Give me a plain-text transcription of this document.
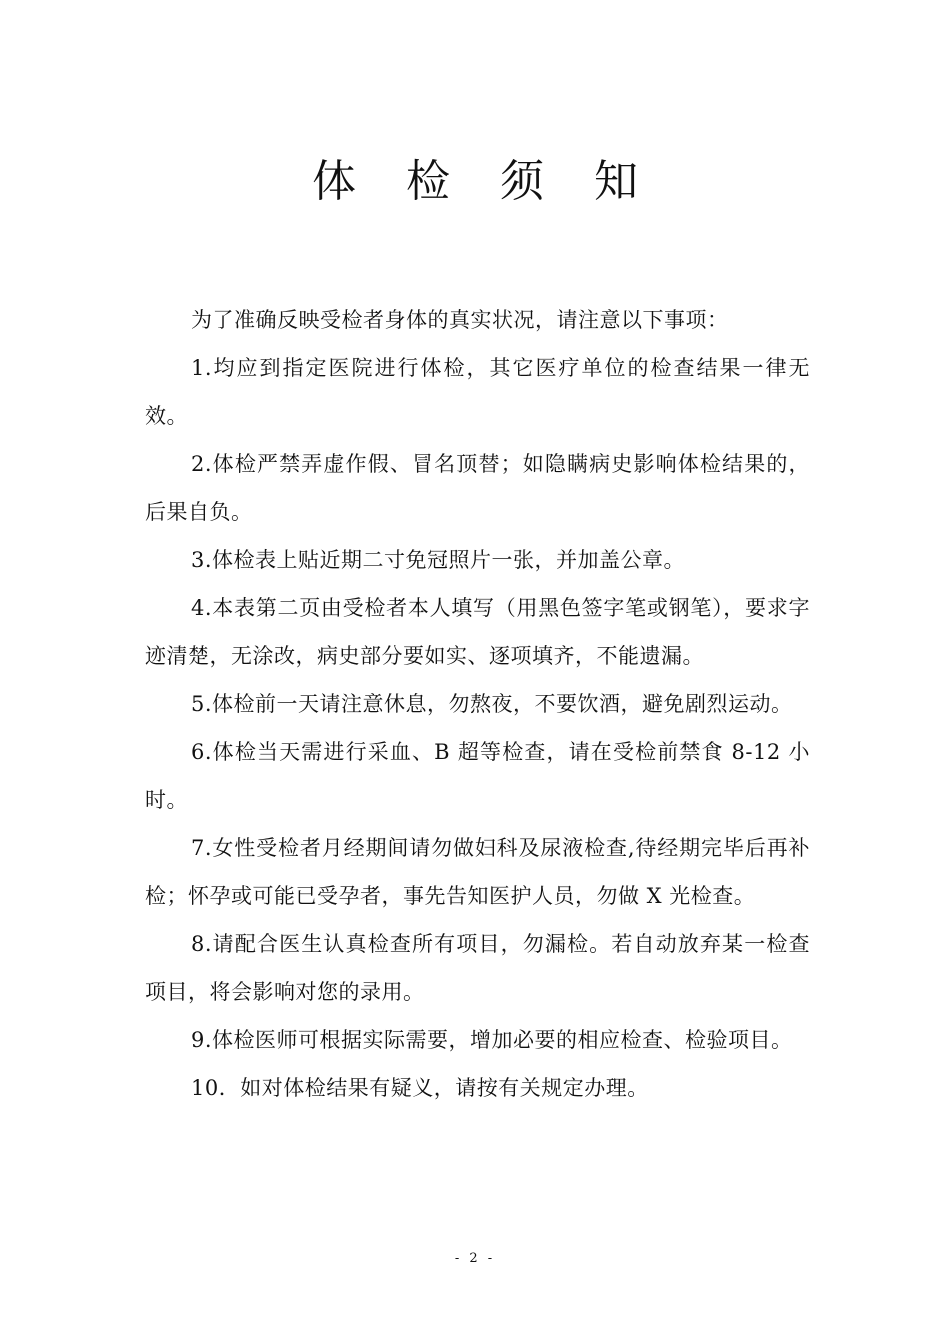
体 检 须 知

为了准确反映受检者身体的真实状况，请注意以下事项：

1.均应到指定医院进行体检，其它医疗单位的检查结果一律无效。

2.体检严禁弄虚作假、冒名顶替；如隐瞒病史影响体检结果的，后果自负。

3.体检表上贴近期二寸免冠照片一张，并加盖公章。

4.本表第二页由受检者本人填写（用黑色签字笔或钢笔），要求字迹清楚，无涂改，病史部分要如实、逐项填齐，不能遗漏。

5.体检前一天请注意休息，勿熬夜，不要饮酒，避免剧烈运动。

6.体检当天需进行采血、B 超等检查，请在受检前禁食 8-12 小时。

7.女性受检者月经期间请勿做妇科及尿液检查,待经期完毕后再补检；怀孕或可能已受孕者，事先告知医护人员，勿做 X 光检查。

8.请配合医生认真检查所有项目，勿漏检。若自动放弃某一检查项目，将会影响对您的录用。

9.体检医师可根据实际需要，增加必要的相应检查、检验项目。

10．如对体检结果有疑义，请按有关规定办理。

- 2 -
